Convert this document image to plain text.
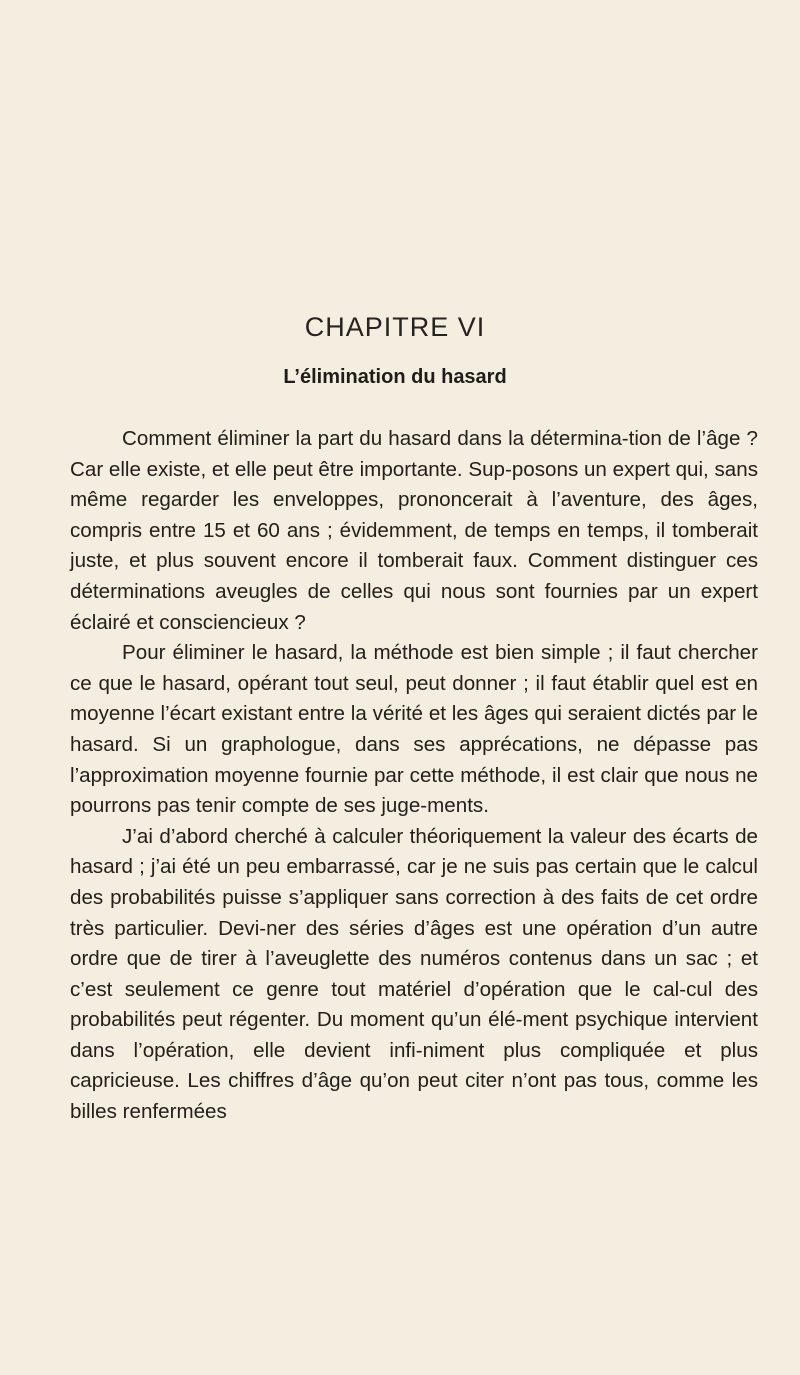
CHAPITRE VI
L’élimination du hasard

Comment éliminer la part du hasard dans la détermina-tion de l’âge ? Car elle existe, et elle peut être importante. Sup-posons un expert qui, sans même regarder les enveloppes, prononcerait à l’aventure, des âges, compris entre 15 et 60 ans ; évidemment, de temps en temps, il tomberait juste, et plus souvent encore il tomberait faux. Comment distinguer ces déterminations aveugles de celles qui nous sont fournies par un expert éclairé et consciencieux ?

Pour éliminer le hasard, la méthode est bien simple ; il faut chercher ce que le hasard, opérant tout seul, peut donner ; il faut établir quel est en moyenne l’écart existant entre la vérité et les âges qui seraient dictés par le hasard. Si un graphologue, dans ses apprécations, ne dépasse pas l’approximation moyenne fournie par cette méthode, il est clair que nous ne pourrons pas tenir compte de ses juge-ments.

J’ai d’abord cherché à calculer théoriquement la valeur des écarts de hasard ; j’ai été un peu embarrassé, car je ne suis pas certain que le calcul des probabilités puisse s’appliquer sans correction à des faits de cet ordre très particulier. Devi-ner des séries d’âges est une opération d’un autre ordre que de tirer à l’aveuglette des numéros contenus dans un sac ; et c’est seulement ce genre tout matériel d’opération que le cal-cul des probabilités peut régenter. Du moment qu’un élé-ment psychique intervient dans l’opération, elle devient infi-niment plus compliquée et plus capricieuse. Les chiffres d’âge qu’on peut citer n’ont pas tous, comme les billes renfermées
